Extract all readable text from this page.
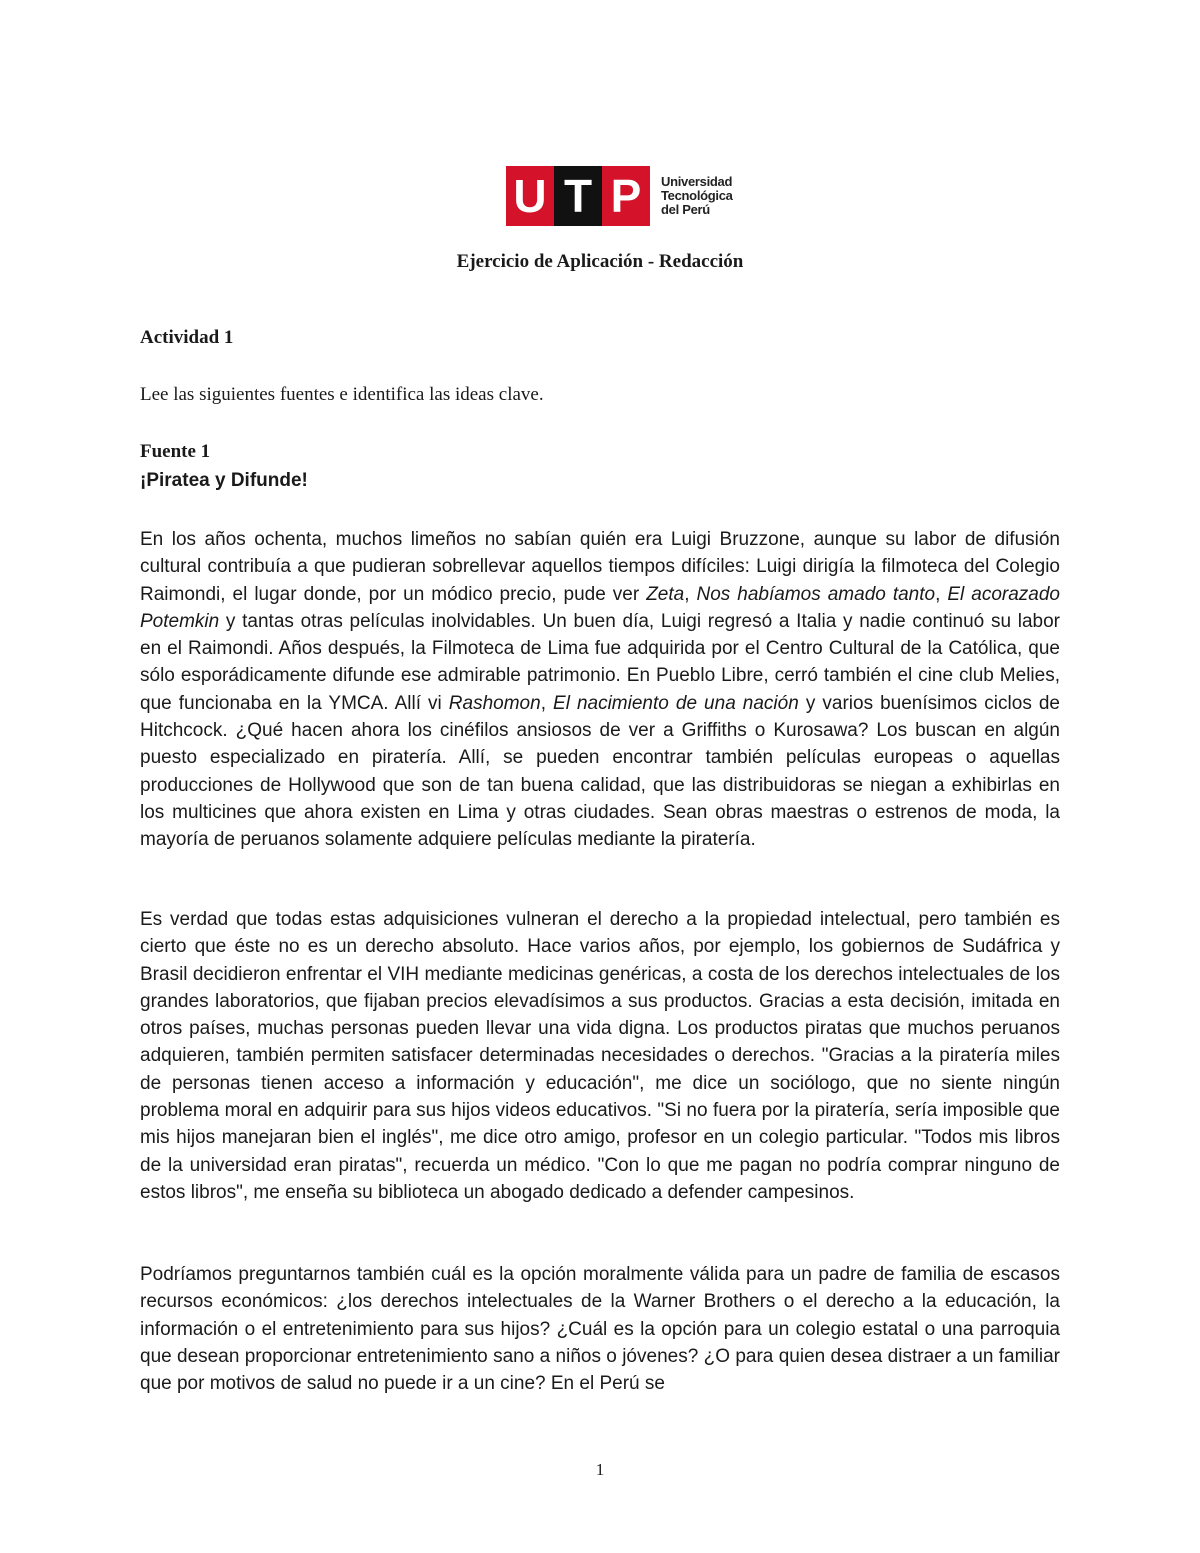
U T P	Universidad
Tecnológica
del Perú
Ejercicio de Aplicación - Redacción

Actividad 1

Lee las siguientes fuentes e identifica las ideas clave.

Fuente 1

¡Piratea y Difunde!

En los años ochenta, muchos limeños no sabían quién era Luigi Bruzzone, aunque su labor de difusión cultural contribuía a que pudieran sobrellevar aquellos tiempos difíciles: Luigi dirigía la filmoteca del Colegio Raimondi, el lugar donde, por un módico precio, pude ver Zeta, Nos habíamos amado tanto, El acorazado Potemkin y tantas otras películas inolvidables. Un buen día, Luigi regresó a Italia y nadie continuó su labor en el Raimondi. Años después, la Filmoteca de Lima fue adquirida por el Centro Cultural de la Católica, que sólo esporádicamente difunde ese admirable patrimonio. En Pueblo Libre, cerró también el cine club Melies, que funcionaba en la YMCA. Allí vi Rashomon, El nacimiento de una nación y varios buenísimos ciclos de Hitchcock. ¿Qué hacen ahora los cinéfilos ansiosos de ver a Griffiths o Kurosawa? Los buscan en algún puesto especializado en piratería. Allí, se pueden encontrar también películas europeas o aquellas producciones de Hollywood que son de tan buena calidad, que las distribuidoras se niegan a exhibirlas en los multicines que ahora existen en Lima y otras ciudades. Sean obras maestras o estrenos de moda, la mayoría de peruanos solamente adquiere películas mediante la piratería.

Es verdad que todas estas adquisiciones vulneran el derecho a la propiedad intelectual, pero también es cierto que éste no es un derecho absoluto. Hace varios años, por ejemplo, los gobiernos de Sudáfrica y Brasil decidieron enfrentar el VIH mediante medicinas genéricas, a costa de los derechos intelectuales de los grandes laboratorios, que fijaban precios elevadísimos a sus productos. Gracias a esta decisión, imitada en otros países, muchas personas pueden llevar una vida digna. Los productos piratas que muchos peruanos adquieren, también permiten satisfacer determinadas necesidades o derechos. "Gracias a la piratería miles de personas tienen acceso a información y educación", me dice un sociólogo, que no siente ningún problema moral en adquirir para sus hijos videos educativos. "Si no fuera por la piratería, sería imposible que mis hijos manejaran bien el inglés", me dice otro amigo, profesor en un colegio particular. "Todos mis libros de la universidad eran piratas", recuerda un médico. "Con lo que me pagan no podría comprar ninguno de estos libros", me enseña su biblioteca un abogado dedicado a defender campesinos.

Podríamos preguntarnos también cuál es la opción moralmente válida para un padre de familia de escasos recursos económicos: ¿los derechos intelectuales de la Warner Brothers o el derecho a la educación, la información o el entretenimiento para sus hijos? ¿Cuál es la opción para un colegio estatal o una parroquia que desean proporcionar entretenimiento sano a niños o jóvenes? ¿O para quien desea distraer a un familiar que por motivos de salud no puede ir a un cine? En el Perú se

1
